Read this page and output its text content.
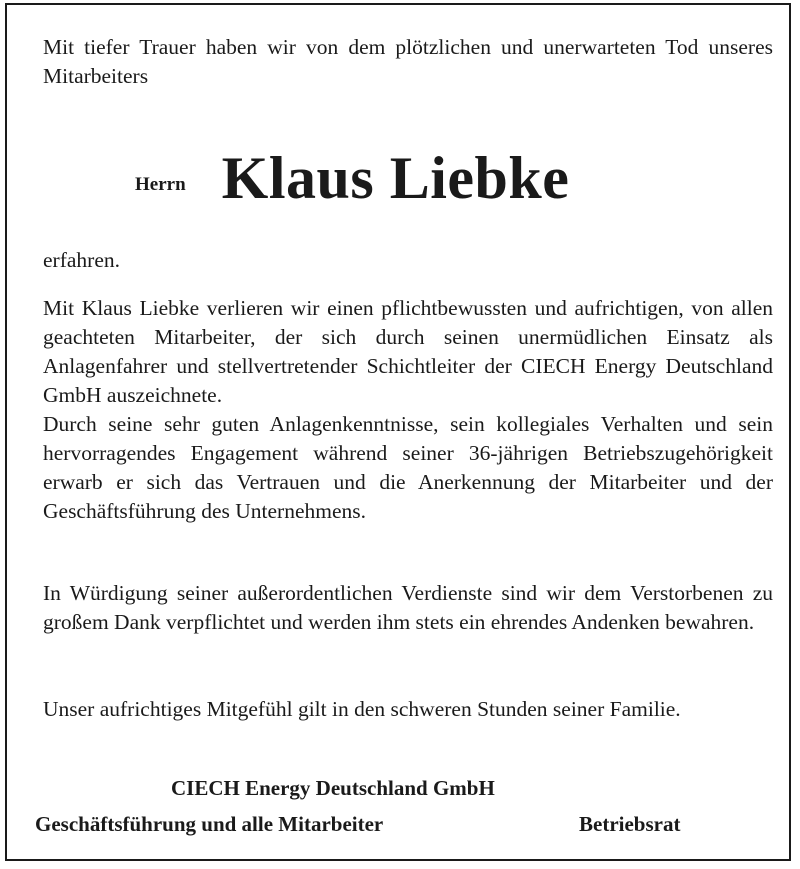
Mit tiefer Trauer haben wir von dem plötzlichen und unerwarteten Tod unseres Mitarbeiters

Herrn Klaus Liebke

erfahren.

Mit Klaus Liebke verlieren wir einen pflichtbewussten und aufrichtigen, von allen geachteten Mitarbeiter, der sich durch seinen unermüdlichen Einsatz als Anlagenfahrer und stellvertretender Schichtleiter der CIECH Energy Deutschland GmbH auszeichnete.

Durch seine sehr guten Anlagenkenntnisse, sein kollegiales Verhalten und sein hervorragendes Engagement während seiner 36-jährigen Betriebszugehörigkeit erwarb er sich das Vertrauen und die Anerkennung der Mitarbeiter und der Geschäftsführung des Unternehmens.

In Würdigung seiner außerordentlichen Verdienste sind wir dem Verstorbenen zu großem Dank verpflichtet und werden ihm stets ein ehrendes Andenken bewahren.

Unser aufrichtiges Mitgefühl gilt in den schweren Stunden seiner Familie.

CIECH Energy Deutschland GmbH
Geschäftsführung und alle Mitarbeiter	Betriebsrat
